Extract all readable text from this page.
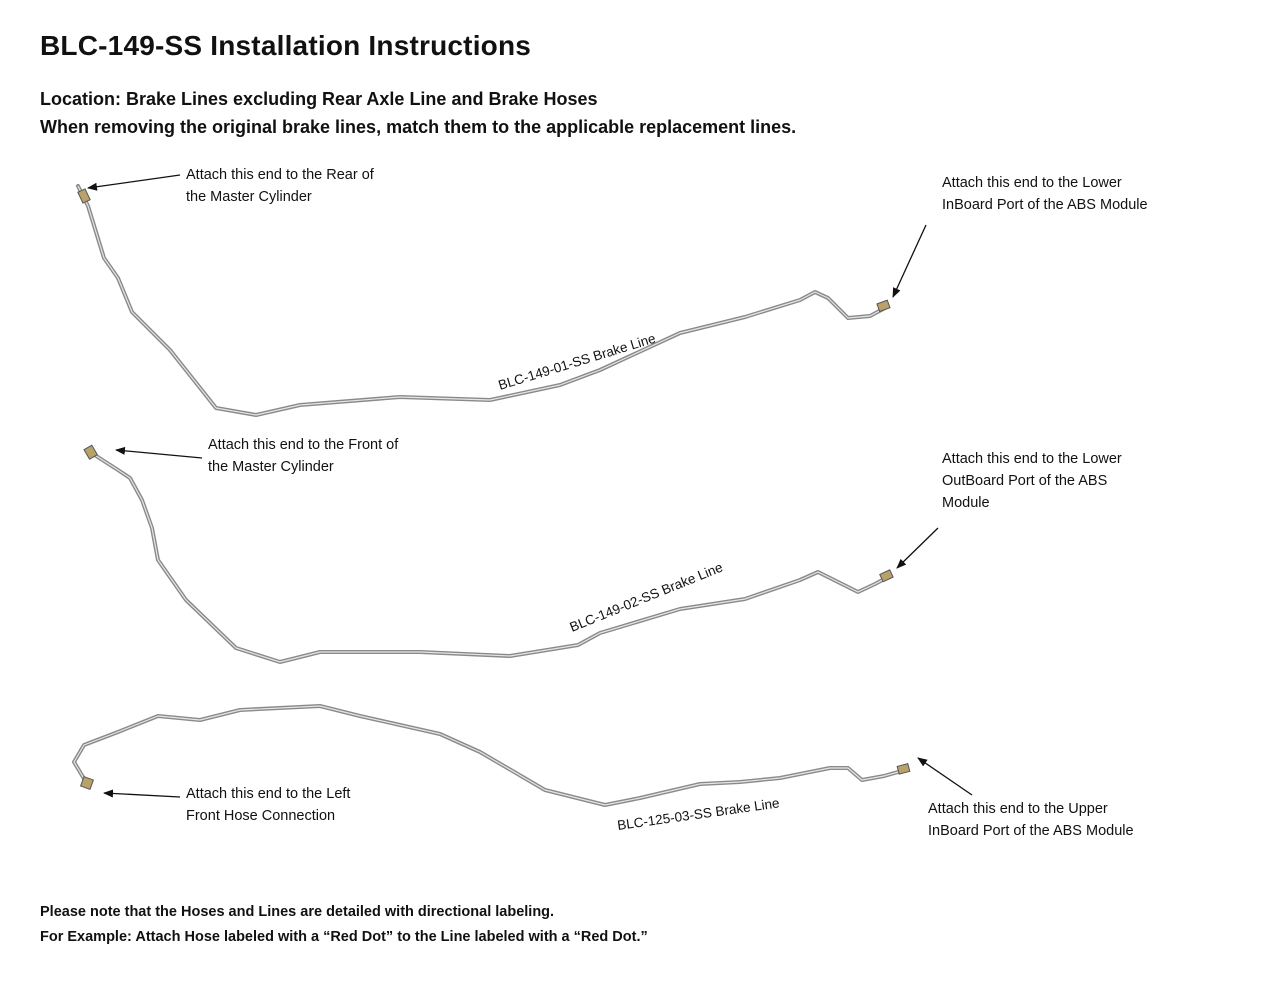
BLC-149-SS Installation Instructions
Location: Brake Lines excluding Rear Axle Line and Brake Hoses
When removing the original brake lines, match them to the applicable replacement lines.
BLC-149-01-SS Brake Line
BLC-149-02-SS Brake Line
BLC-125-03-SS Brake Line
Attach this end to the Rear of
the Master Cylinder
Attach this end to the Lower
InBoard Port of the ABS Module
Attach this end to the Front of
the Master Cylinder	Attach this end to the Lower
OutBoard Port of the ABS
Module
Attach this end to the Left
Front Hose Connection	Attach this end to the Upper
InBoard Port of the ABS Module
Please note that the Hoses and Lines are detailed with directional labeling.
For Example: Attach Hose labeled with a “Red Dot” to the Line labeled with a “Red Dot.”
